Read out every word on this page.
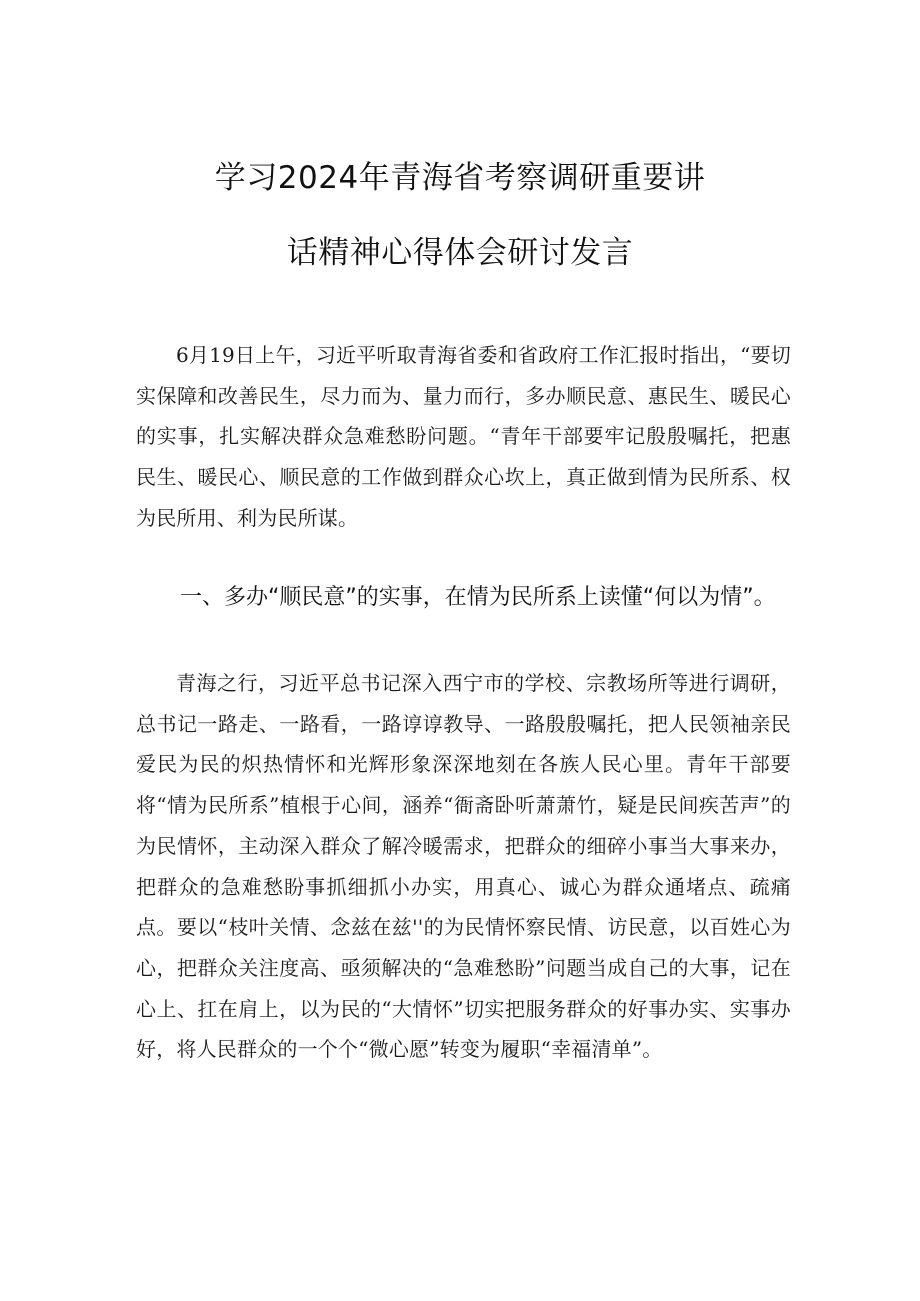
学习2024年青海省考察调研重要讲
话精神心得体会研讨发言

6月19日上午，习近平听取青海省委和省政府工作汇报时指出，“要切实保障和改善民生，尽力而为、量力而行，多办顺民意、惠民生、暖民心的实事，扎实解决群众急难愁盼问题。“青年干部要牢记殷殷嘱托，把惠民生、暖民心、顺民意的工作做到群众心坎上，真正做到情为民所系、权为民所用、利为民所谋。

一、多办“顺民意”的实事，在情为民所系上读懂“何以为情”。

青海之行，习近平总书记深入西宁市的学校、宗教场所等进行调研，总书记一路走、一路看，一路谆谆教导、一路殷殷嘱托，把人民领袖亲民爱民为民的炽热情怀和光辉形象深深地刻在各族人民心里。青年干部要将“情为民所系”植根于心间，涵养“衙斋卧听萧萧竹，疑是民间疾苦声”的为民情怀，主动深入群众了解冷暖需求，把群众的细碎小事当大事来办，把群众的急难愁盼事抓细抓小办实，用真心、诚心为群众通堵点、疏痛点。要以“枝叶关情、念兹在兹''的为民情怀察民情、访民意，以百姓心为心，把群众关注度高、亟须解决的“急难愁盼”问题当成自己的大事，记在心上、扛在肩上，以为民的“大情怀”切实把服务群众的好事办实、实事办好，将人民群众的一个个“微心愿”转变为履职“幸福清单”。
